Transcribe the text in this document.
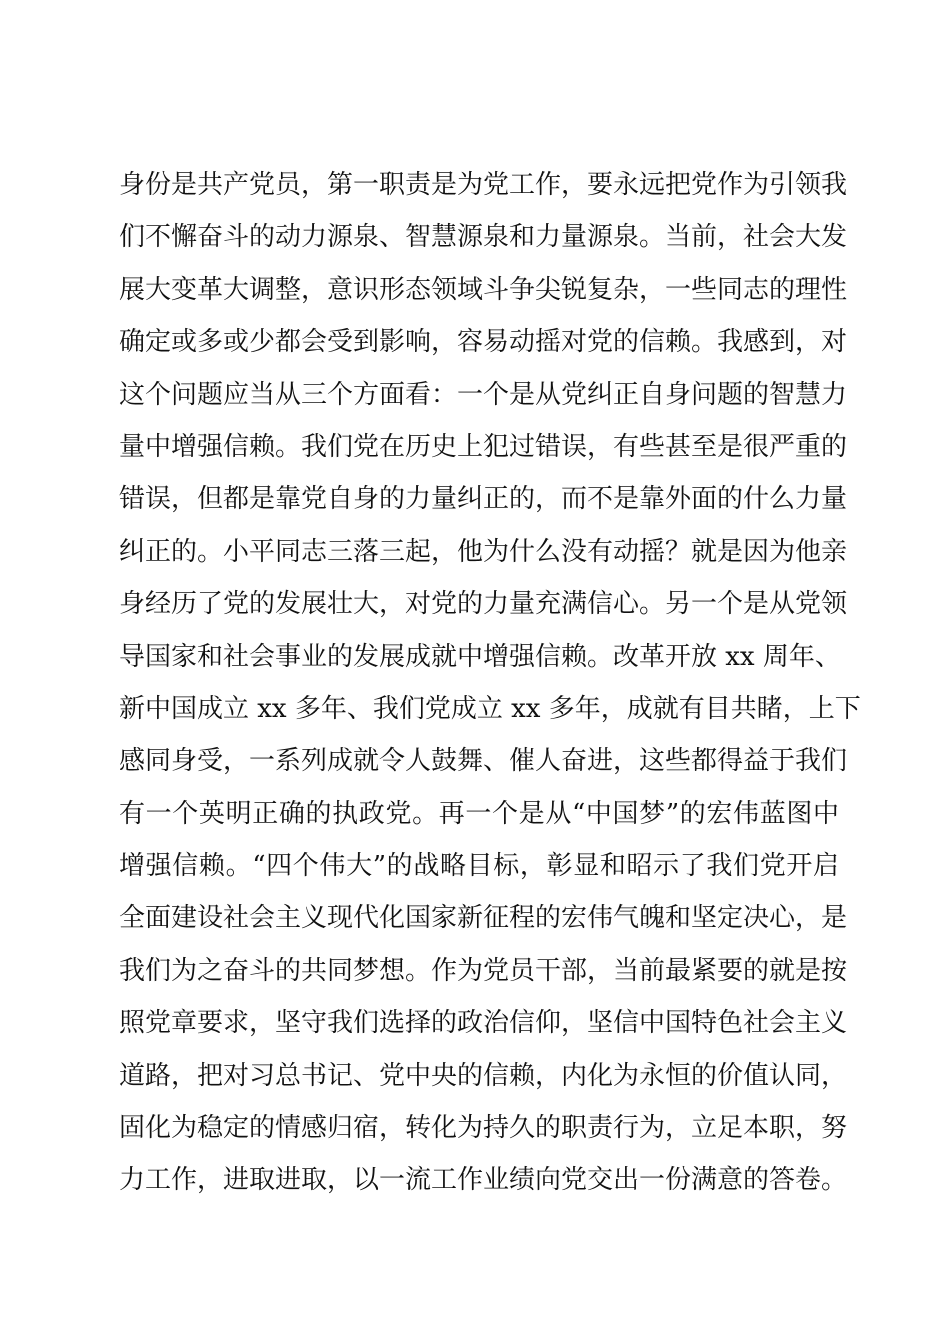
身份是共产党员，第一职责是为党工作，要永远把党作为引领我
们不懈奋斗的动力源泉、智慧源泉和力量源泉。当前，社会大发
展大变革大调整，意识形态领域斗争尖锐复杂，一些同志的理性
确定或多或少都会受到影响，容易动摇对党的信赖。我感到，对
这个问题应当从三个方面看：一个是从党纠正自身问题的智慧力
量中增强信赖。我们党在历史上犯过错误，有些甚至是很严重的
错误，但都是靠党自身的力量纠正的，而不是靠外面的什么力量
纠正的。小平同志三落三起，他为什么没有动摇？就是因为他亲
身经历了党的发展壮大，对党的力量充满信心。另一个是从党领
导国家和社会事业的发展成就中增强信赖。改革开放 xx 周年、
新中国成立 xx 多年、我们党成立 xx 多年，成就有目共睹，上下
感同身受，一系列成就令人鼓舞、催人奋进，这些都得益于我们
有一个英明正确的执政党。再一个是从“中国梦”的宏伟蓝图中
增强信赖。“四个伟大”的战略目标，彰显和昭示了我们党开启
全面建设社会主义现代化国家新征程的宏伟气魄和坚定决心，是
我们为之奋斗的共同梦想。作为党员干部，当前最紧要的就是按
照党章要求，坚守我们选择的政治信仰，坚信中国特色社会主义
道路，把对习总书记、党中央的信赖，内化为永恒的价值认同，
固化为稳定的情感归宿，转化为持久的职责行为，立足本职，努
力工作，进取进取，以一流工作业绩向党交出一份满意的答卷。
